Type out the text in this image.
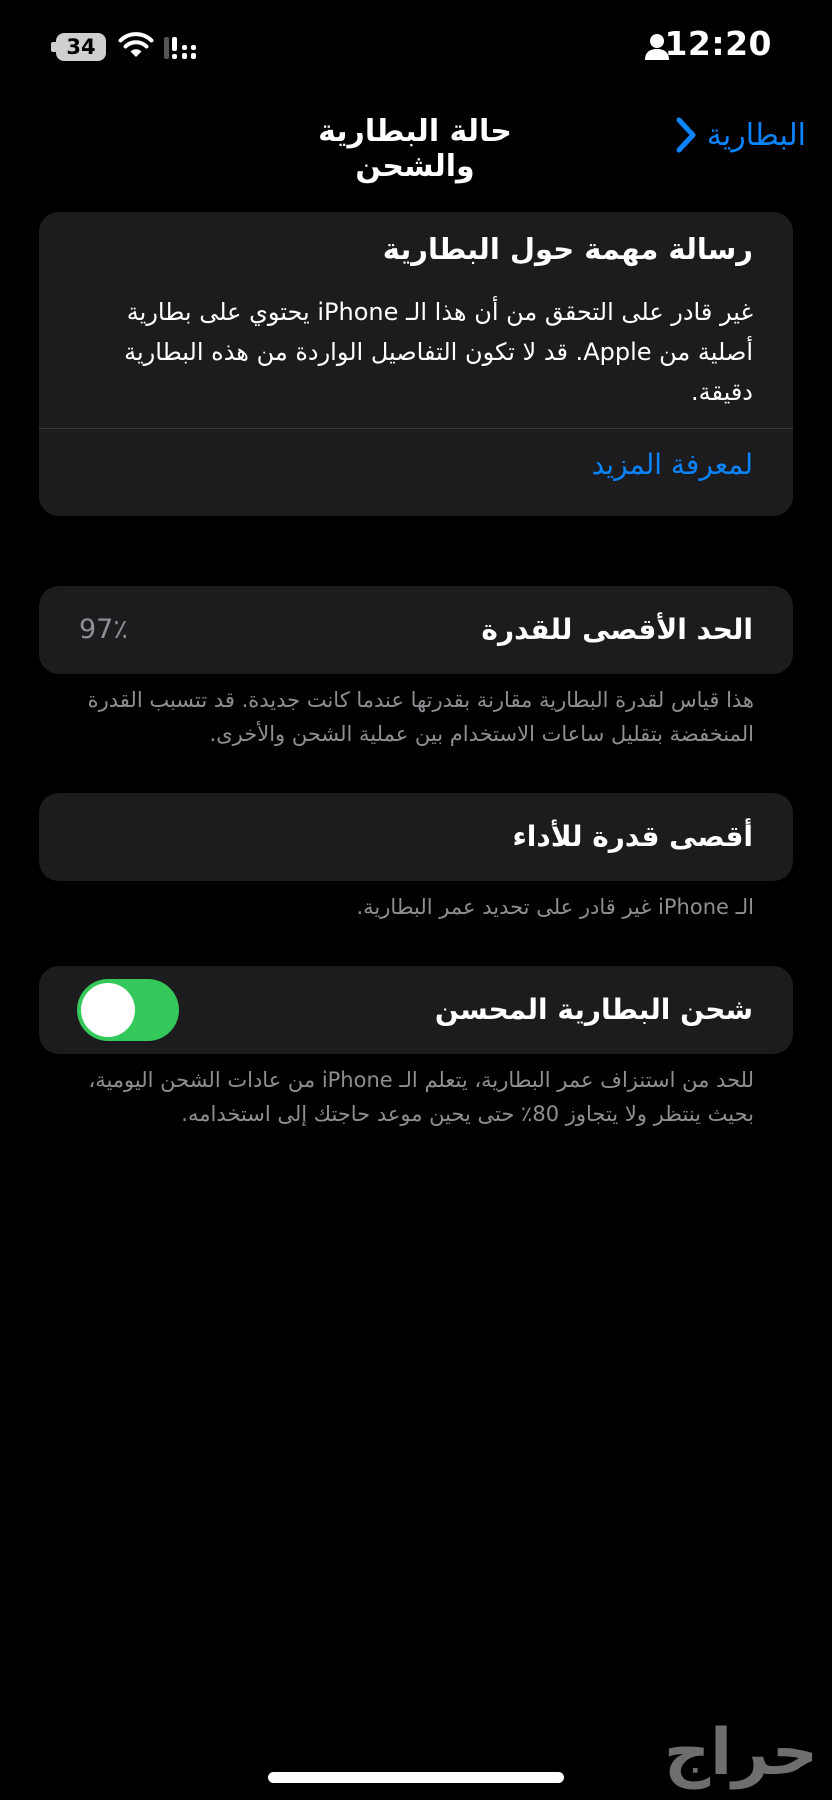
34	12:20
البطارية
حالة البطارية والشحن
رسالة مهمة حول البطارية
غير قادر على التحقق من أن هذا الـ iPhone يحتوي على بطارية أصلية من Apple. قد لا تكون التفاصيل الواردة من هذه البطارية دقيقة.
لمعرفة المزيد
الحد الأقصى للقدرة
97٪
هذا قياس لقدرة البطارية مقارنة بقدرتها عندما كانت جديدة. قد تتسبب القدرة المنخفضة بتقليل ساعات الاستخدام بين عملية الشحن والأخرى.
أقصى قدرة للأداء
الـ iPhone غير قادر على تحديد عمر البطارية.
شحن البطارية المحسن
للحد من استنزاف عمر البطارية، يتعلم الـ iPhone من عادات الشحن اليومية، بحيث ينتظر ولا يتجاوز 80٪ حتى يحين موعد حاجتك إلى استخدامه.
حراج
